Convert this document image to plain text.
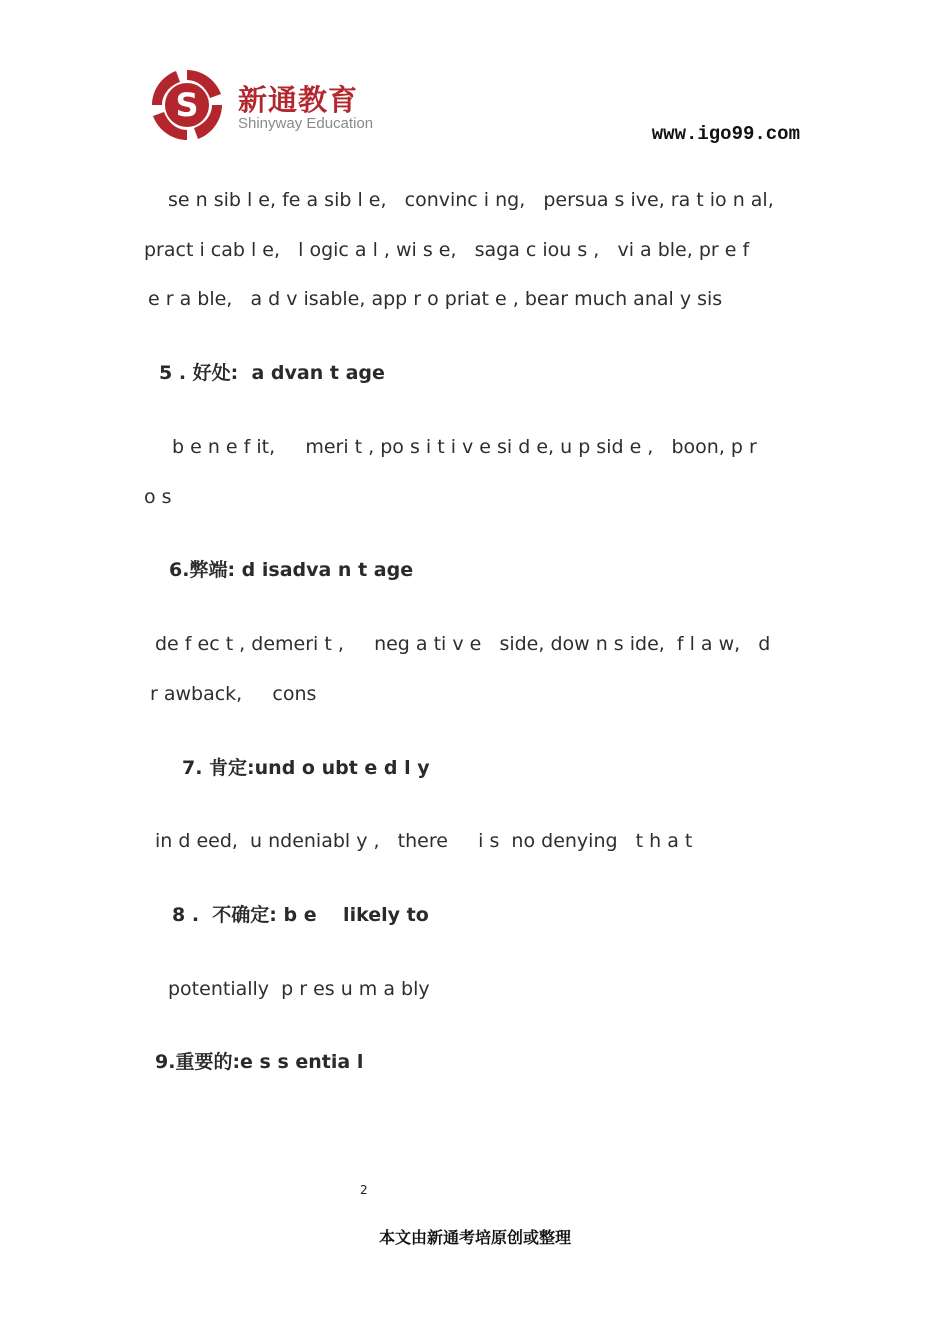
S 新通教育
Shinyway Education	www.igo99.com
se n sib l e, fe a sib l e,   convinc i ng,   persua s ive, ra t io n al,
pract i cab l e,   l ogic a l , wi s e,   saga c iou s ,   vi a ble, pr e f
e r a ble,   a d v isable, app r o priat e , bear much anal y sis
5 . 好处:  a dvan t age
b e n e f it,     meri t , po s i t i v e si d e, u p sid e ,   boon, p r
o s
6.弊端: d isadva n t age
de f ec t , demeri t ,     neg a ti v e   side, dow n s ide,  f l a w,   d
r awback,     cons
7. 肯定:und o ubt e d l y
in d eed,  u ndeniabl y ,   there     i s  no denying   t h a t
8 .  不确定: b e    likely to
potentially  p r es u m a bly
9.重要的:e s s entia l
2
本文由新通考培原创或整理
